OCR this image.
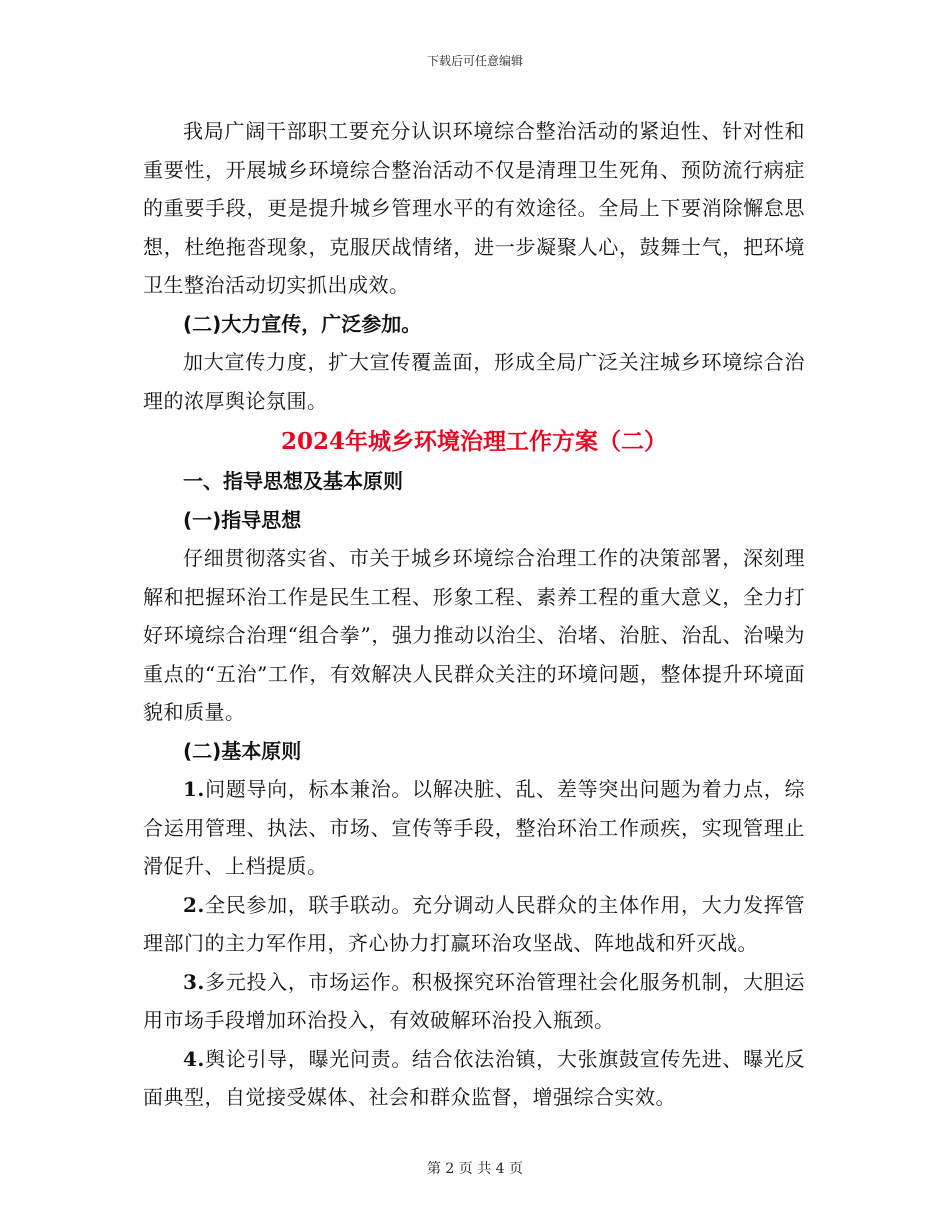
下载后可任意编辑

我局广阔干部职工要充分认识环境综合整治活动的紧迫性、针对性和重要性，开展城乡环境综合整治活动不仅是清理卫生死角、预防流行病症的重要手段，更是提升城乡管理水平的有效途径。全局上下要消除懈怠思想，杜绝拖沓现象，克服厌战情绪，进一步凝聚人心，鼓舞士气，把环境卫生整治活动切实抓出成效。

(二)大力宣传，广泛参加。

加大宣传力度，扩大宣传覆盖面，形成全局广泛关注城乡环境综合治理的浓厚舆论氛围。

2024年城乡环境治理工作方案（二）

一、指导思想及基本原则

(一)指导思想

仔细贯彻落实省、市关于城乡环境综合治理工作的决策部署，深刻理解和把握环治工作是民生工程、形象工程、素养工程的重大意义，全力打好环境综合治理“组合拳”，强力推动以治尘、治堵、治脏、治乱、治噪为重点的“五治”工作，有效解决人民群众关注的环境问题，整体提升环境面貌和质量。

(二)基本原则

1.问题导向，标本兼治。以解决脏、乱、差等突出问题为着力点，综合运用管理、执法、市场、宣传等手段，整治环治工作顽疾，实现管理止滑促升、上档提质。

2.全民参加，联手联动。充分调动人民群众的主体作用，大力发挥管理部门的主力军作用，齐心协力打赢环治攻坚战、阵地战和歼灭战。

3.多元投入，市场运作。积极探究环治管理社会化服务机制，大胆运用市场手段增加环治投入，有效破解环治投入瓶颈。

4.舆论引导，曝光问责。结合依法治镇，大张旗鼓宣传先进、曝光反面典型，自觉接受媒体、社会和群众监督，增强综合实效。

第 2 页 共 4 页
